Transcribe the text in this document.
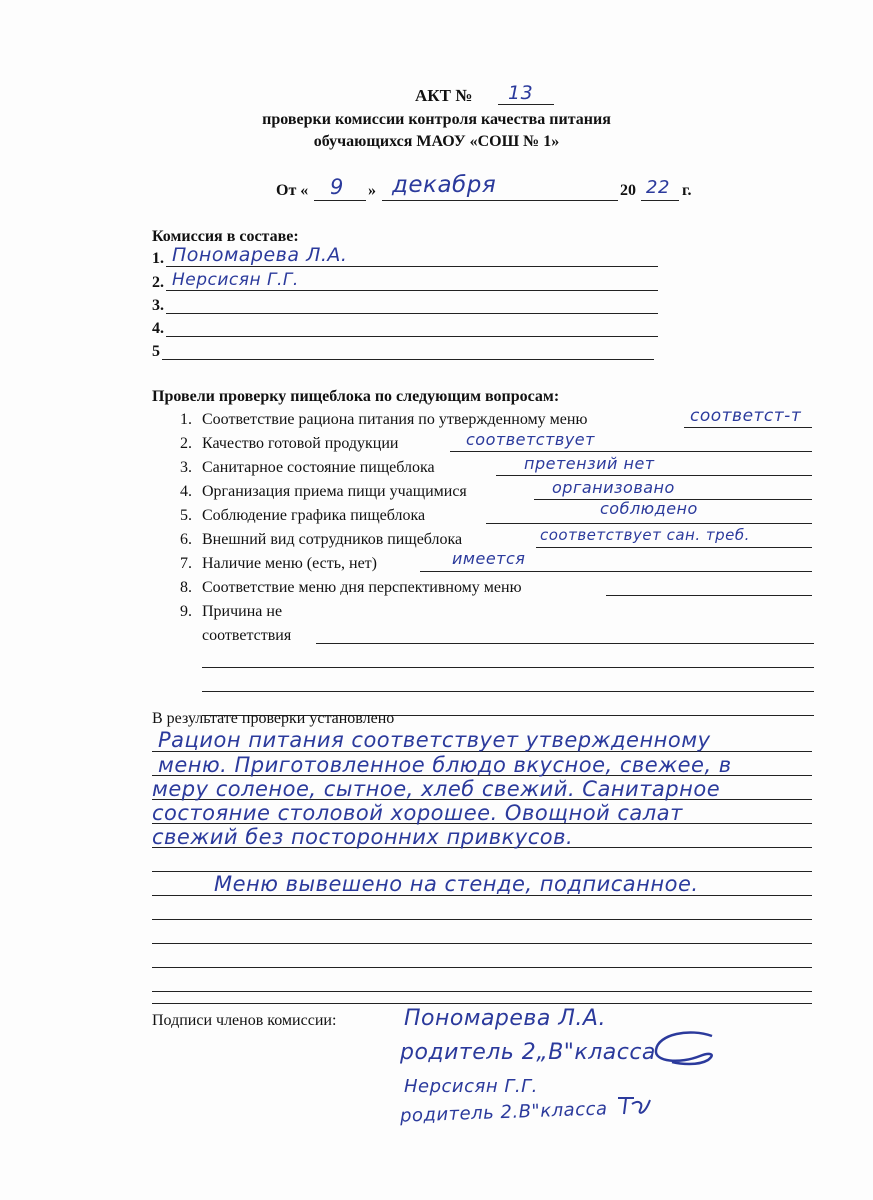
АКТ № 13
проверки комиссии контроля качества питания
обучающихся МАОУ «СОШ № 1»
От « 9 » декабря	20 22 г.
Комиссия в составе:
1. Пономарева Л.А.
2. Нерсисян Г.Г.
3.
4.
5
Провели проверку пищеблока по следующим вопросам:
1. Соответствие рациона питания по утвержденному меню	соответст-т
2. Качество готовой продукции	соответствует
3. Санитарное состояние пищеблока	претензий нет
4. Организация приема пищи учащимися	организовано
5. Соблюдение графика пищеблока	соблюдено
6. Внешний вид сотрудников пищеблока	соответствует сан. треб.
7. Наличие меню (есть, нет)	имеется
8. Соответствие меню дня перспективному меню
9. Причина не
соответствия
В результате проверки установлено
Рацион питания соответствует утвержденному
меню. Приготовленное блюдо вкусное, свежее, в
меру соленое, сытное, хлеб свежий. Санитарное
состояние столовой хорошее. Овощной салат
свежий без посторонних привкусов.
Меню вывешено на стенде, подписанное.
Подписи членов комиссии:	Пономарева Л.А.
родитель 2„В"класса
Нерсисян Г.Г.
родитель 2.В"класса
